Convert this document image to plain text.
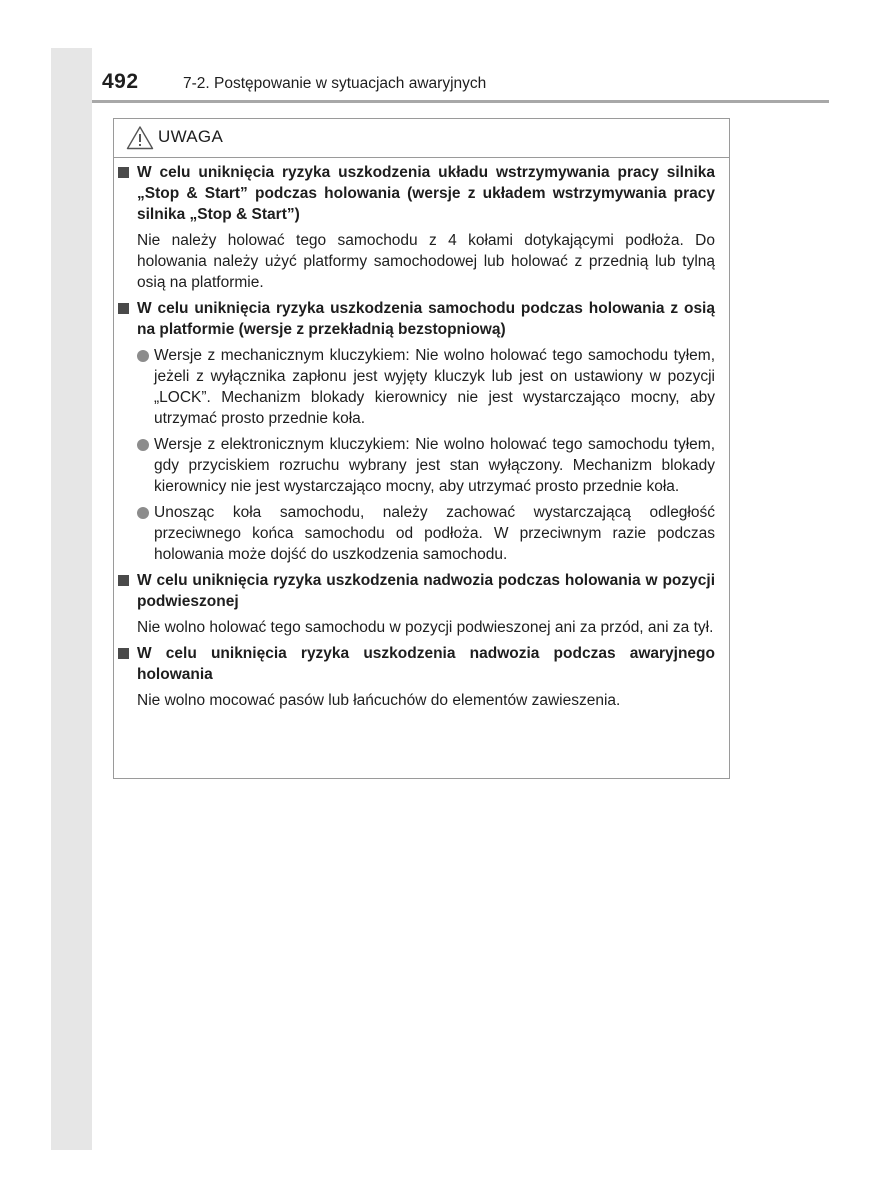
492	7-2. Postępowanie w sytuacjach awaryjnych
UWAGA
W celu uniknięcia ryzyka uszkodzenia układu wstrzymywania pracy silnika „Stop & Start” podczas holowania (wersje z układem wstrzymywania pracy silnika „Stop & Start”)
Nie należy holować tego samochodu z 4 kołami dotykającymi podłoża. Do holowania należy użyć platformy samochodowej lub holować z przednią lub tylną osią na platformie.
W celu uniknięcia ryzyka uszkodzenia samochodu podczas holowania z osią na platformie (wersje z przekładnią bezstopniową)
Wersje z mechanicznym kluczykiem: Nie wolno holować tego samochodu tyłem, jeżeli z wyłącznika zapłonu jest wyjęty kluczyk lub jest on ustawiony w pozycji „LOCK”. Mechanizm blokady kierownicy nie jest wystarczająco mocny, aby utrzymać prosto przednie koła.
Wersje z elektronicznym kluczykiem: Nie wolno holować tego samochodu tyłem, gdy przyciskiem rozruchu wybrany jest stan wyłączony. Mechanizm blokady kierownicy nie jest wystarczająco mocny, aby utrzymać prosto przednie koła.
Unosząc koła samochodu, należy zachować wystarczającą odległość przeciwnego końca samochodu od podłoża. W przeciwnym razie podczas holowania może dojść do uszkodzenia samochodu.
W celu uniknięcia ryzyka uszkodzenia nadwozia podczas holowania w pozycji podwieszonej
Nie wolno holować tego samochodu w pozycji podwieszonej ani za przód, ani za tył.
W celu uniknięcia ryzyka uszkodzenia nadwozia podczas awaryjnego holowania
Nie wolno mocować pasów lub łańcuchów do elementów zawieszenia.
